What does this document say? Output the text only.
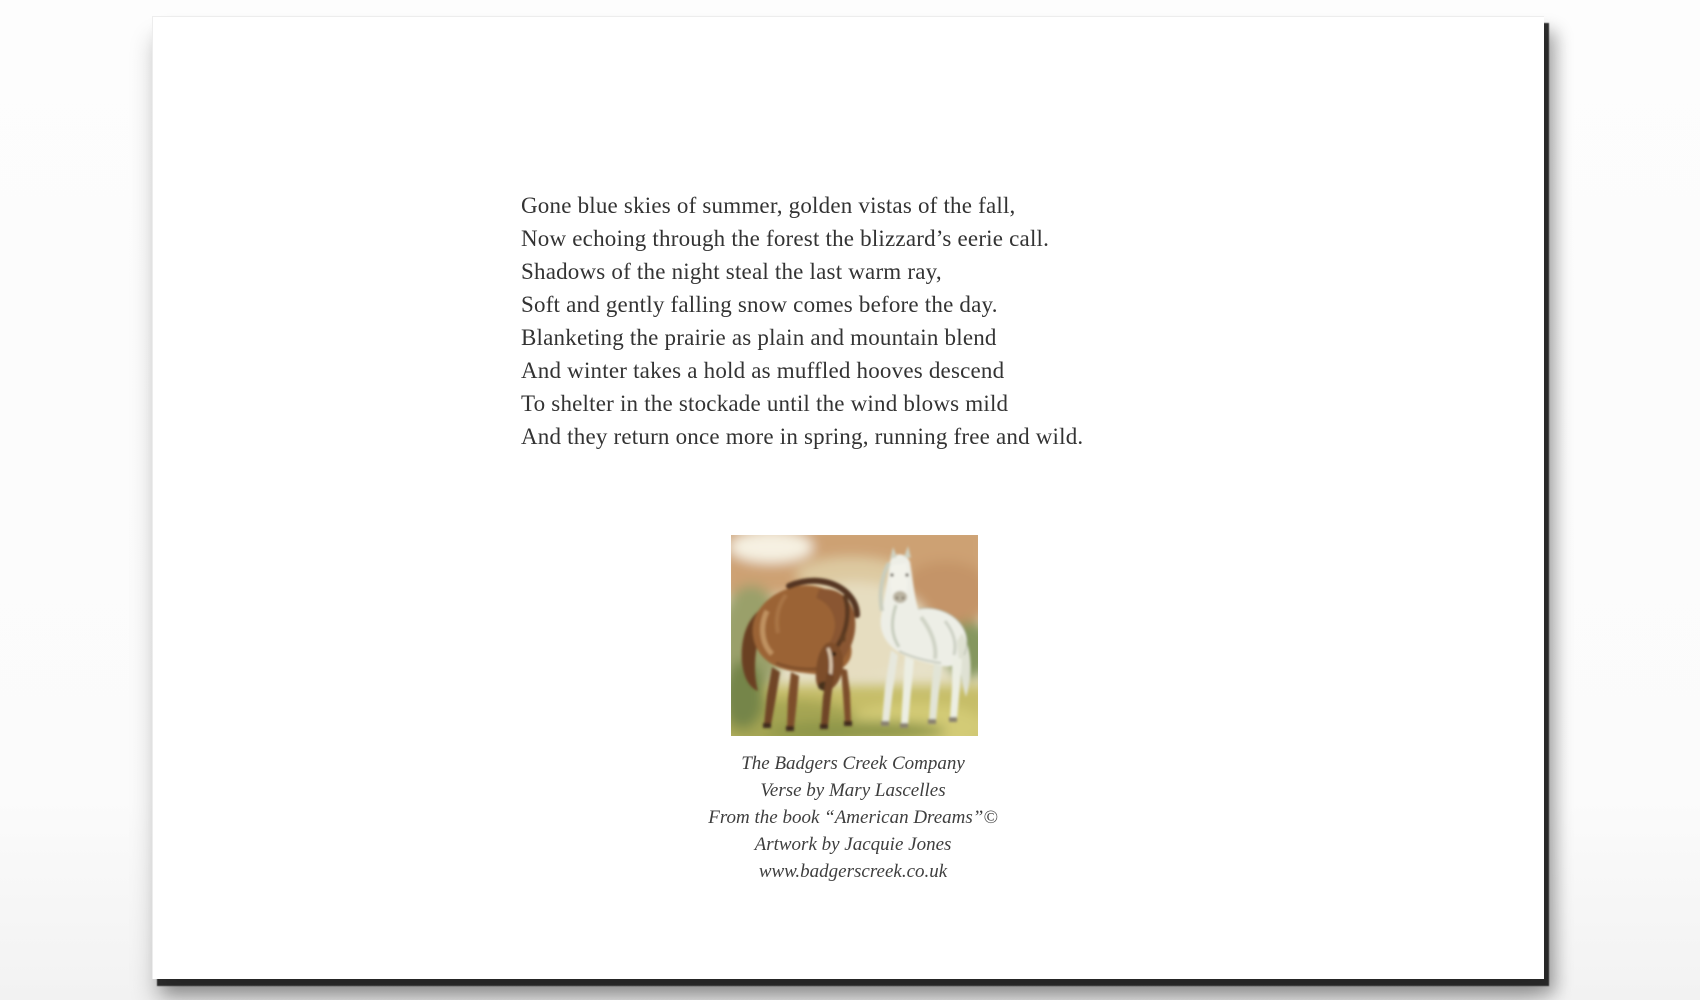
Gone blue skies of summer, golden vistas of the fall,
Now echoing through the forest the blizzard’s eerie call.
Shadows of the night steal the last warm ray,
Soft and gently falling snow comes before the day.
Blanketing the prairie as plain and mountain blend
And winter takes a hold as muffled hooves descend
To shelter in the stockade until the wind blows mild
And they return once more in spring, running free and wild.
The Badgers Creek Company
Verse by Mary Lascelles
From the book “American Dreams”©
Artwork by Jacquie Jones
www.badgerscreek.co.uk
